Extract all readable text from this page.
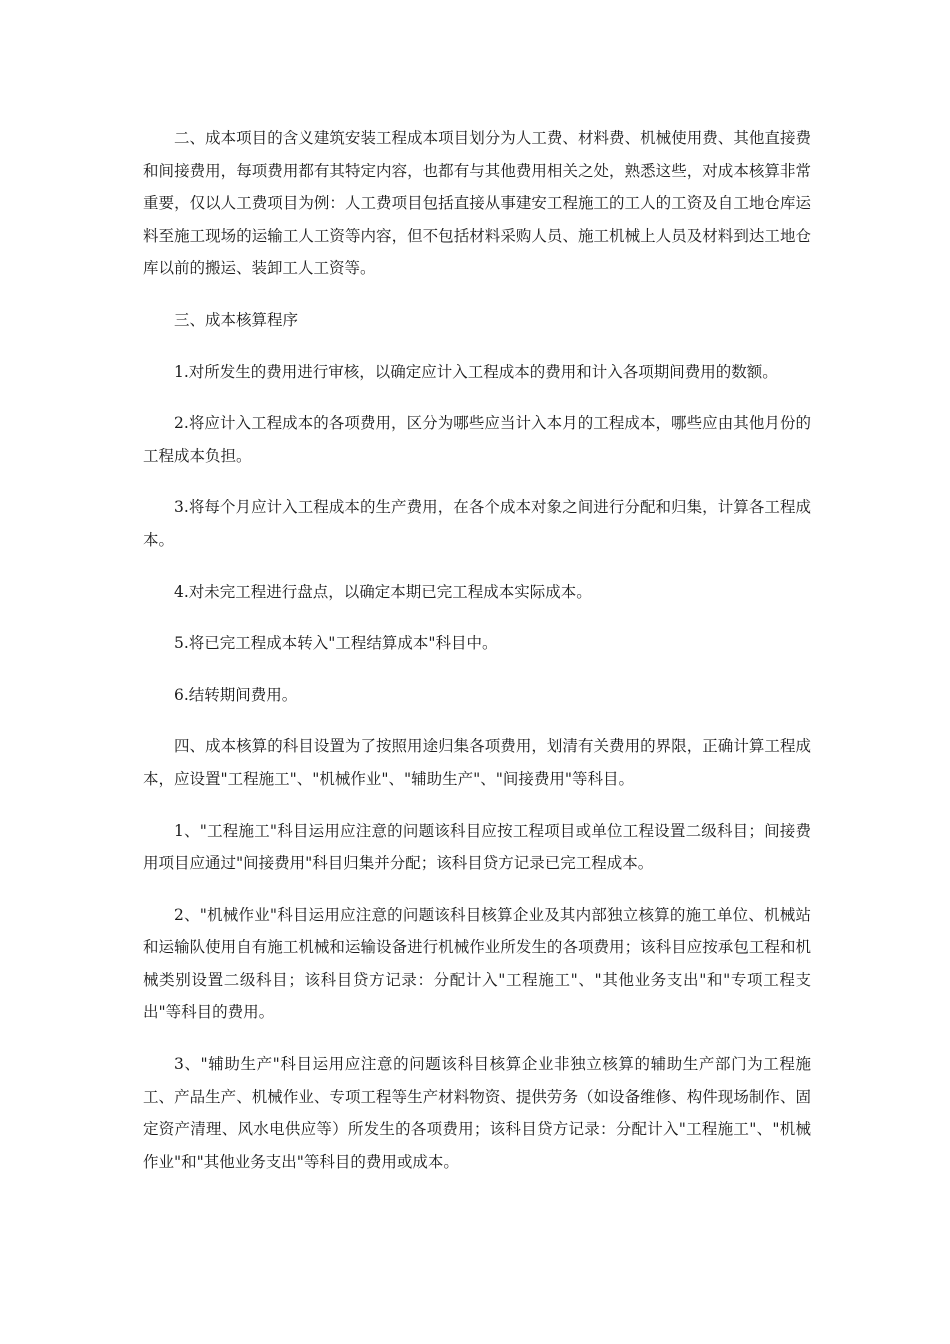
二、成本项目的含义建筑安装工程成本项目划分为人工费、材料费、机械使用费、其他直接费和间接费用，每项费用都有其特定内容，也都有与其他费用相关之处，熟悉这些，对成本核算非常重要，仅以人工费项目为例：人工费项目包括直接从事建安工程施工的工人的工资及自工地仓库运料至施工现场的运输工人工资等内容，但不包括材料采购人员、施工机械上人员及材料到达工地仓库以前的搬运、装卸工人工资等。

三、成本核算程序

1.对所发生的费用进行审核，以确定应计入工程成本的费用和计入各项期间费用的数额。

2.将应计入工程成本的各项费用，区分为哪些应当计入本月的工程成本，哪些应由其他月份的工程成本负担。

3.将每个月应计入工程成本的生产费用，在各个成本对象之间进行分配和归集，计算各工程成本。

4.对未完工程进行盘点，以确定本期已完工程成本实际成本。

5.将已完工程成本转入"工程结算成本"科目中。

6.结转期间费用。

四、成本核算的科目设置为了按照用途归集各项费用，划清有关费用的界限，正确计算工程成本，应设置"工程施工"、"机械作业"、"辅助生产"、"间接费用"等科目。

1、"工程施工"科目运用应注意的问题该科目应按工程项目或单位工程设置二级科目；间接费用项目应通过"间接费用"科目归集并分配；该科目贷方记录已完工程成本。

2、"机械作业"科目运用应注意的问题该科目核算企业及其内部独立核算的施工单位、机械站和运输队使用自有施工机械和运输设备进行机械作业所发生的各项费用；该科目应按承包工程和机械类别设置二级科目；该科目贷方记录：分配计入"工程施工"、"其他业务支出"和"专项工程支出"等科目的费用。

3、"辅助生产"科目运用应注意的问题该科目核算企业非独立核算的辅助生产部门为工程施工、产品生产、机械作业、专项工程等生产材料物资、提供劳务（如设备维修、构件现场制作、固定资产清理、风水电供应等）所发生的各项费用；该科目贷方记录：分配计入"工程施工"、"机械作业"和"其他业务支出"等科目的费用或成本。
